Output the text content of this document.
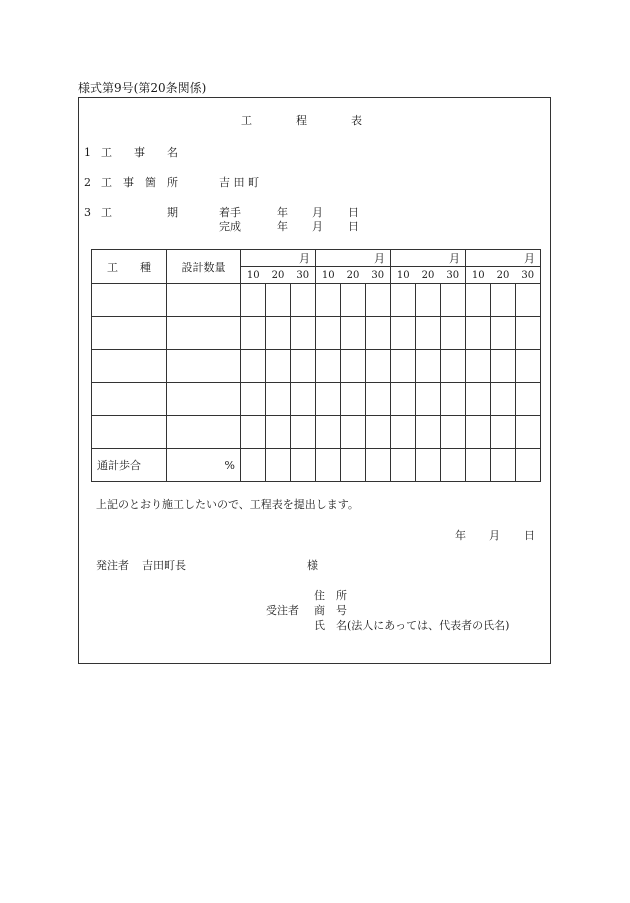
様式第9号(第20条関係)
工　　　　程　　　　表
1 工　　事　　名
2 工　事　箇　所	吉 田 町
3 工　　　　　期	着手	年 月 日
完成	年 月 日
工　　種	設計数量	月			月			月			月		
		10	20	30	10	20	30	10	20	30	10	20	30

通計歩合	%												
上記のとおり施工したいので、工程表を提出します。
年 月 日
発注者 吉田町長	様
住　所
受注者 商　号
氏　名(法人にあっては、代表者の氏名)
